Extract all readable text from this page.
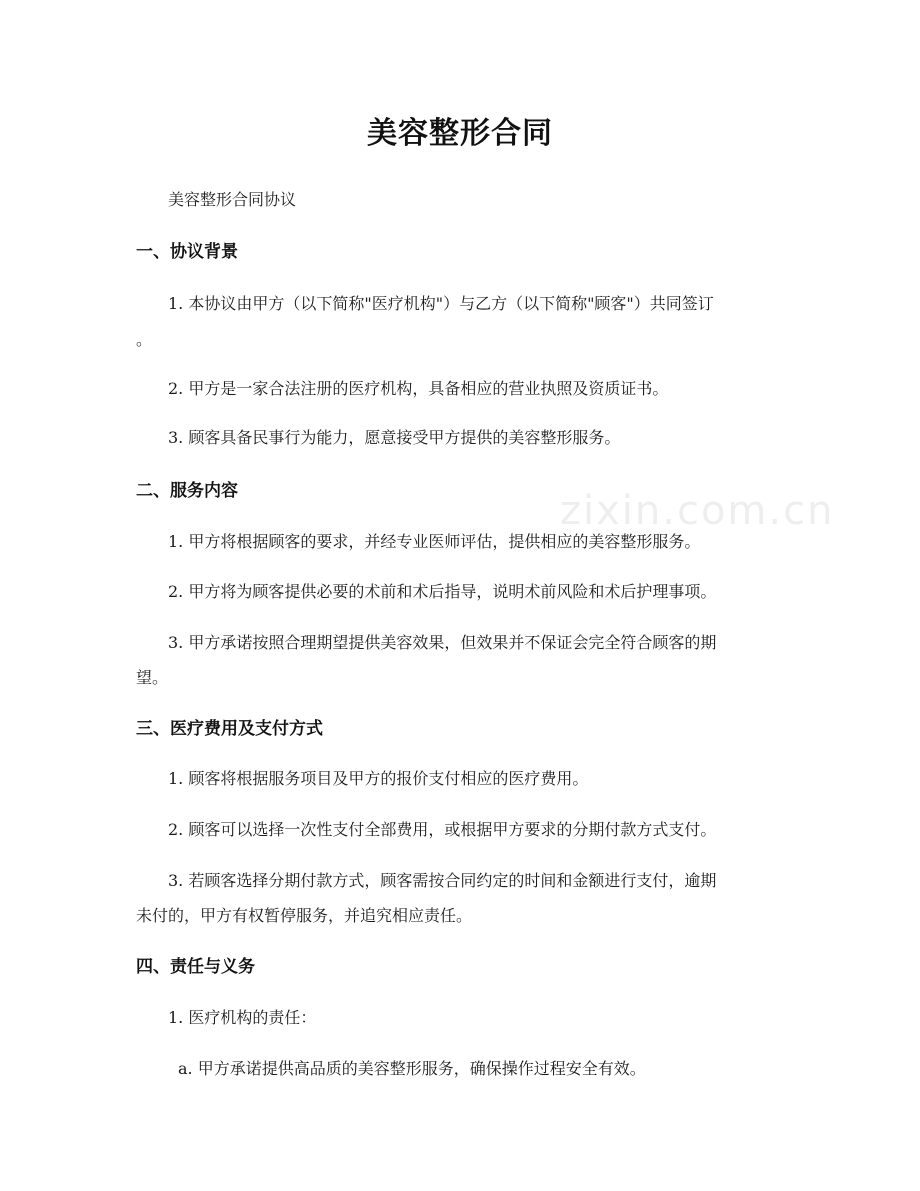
美容整形合同
美容整形合同协议
一、协议背景
1. 本协议由甲方（以下简称"医疗机构"）与乙方（以下简称"顾客"）共同签订
。
2. 甲方是一家合法注册的医疗机构，具备相应的营业执照及资质证书。
3. 顾客具备民事行为能力，愿意接受甲方提供的美容整形服务。
二、服务内容
1. 甲方将根据顾客的要求，并经专业医师评估，提供相应的美容整形服务。
2. 甲方将为顾客提供必要的术前和术后指导，说明术前风险和术后护理事项。
3. 甲方承诺按照合理期望提供美容效果，但效果并不保证会完全符合顾客的期
望。
三、医疗费用及支付方式
1. 顾客将根据服务项目及甲方的报价支付相应的医疗费用。
2. 顾客可以选择一次性支付全部费用，或根据甲方要求的分期付款方式支付。
3. 若顾客选择分期付款方式，顾客需按合同约定的时间和金额进行支付，逾期
未付的，甲方有权暂停服务，并追究相应责任。
四、责任与义务
1. 医疗机构的责任：
a. 甲方承诺提供高品质的美容整形服务，确保操作过程安全有效。
zixin.com.cn
